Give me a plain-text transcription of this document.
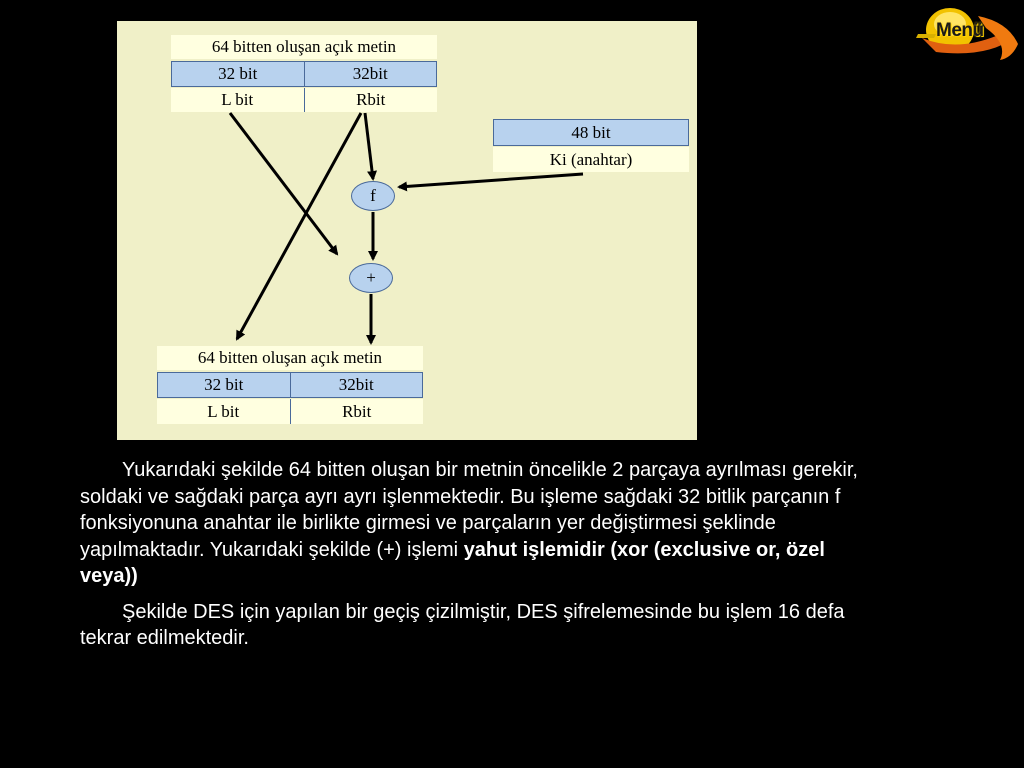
Menü
64 bitten oluşan açık metin
32 bit	32bit
L bit	Rbit
48 bit
Ki (anahtar)
f
+
64 bitten oluşan açık metin
32 bit	32bit
L bit	Rbit

Yukarıdaki şekilde 64 bitten oluşan bir metnin öncelikle 2 parçaya ayrılması gerekir, soldaki ve sağdaki parça ayrı ayrı işlenmektedir. Bu işleme sağdaki 32 bitlik parçanın f fonksiyonuna anahtar ile birlikte girmesi ve parçaların yer değiştirmesi şeklinde yapılmaktadır. Yukarıdaki şekilde (+) işlemi yahut işlemidir (xor (exclusive or, özel veya))

Şekilde DES için yapılan bir geçiş çizilmiştir, DES şifrelemesinde bu işlem 16 defa tekrar edilmektedir.
